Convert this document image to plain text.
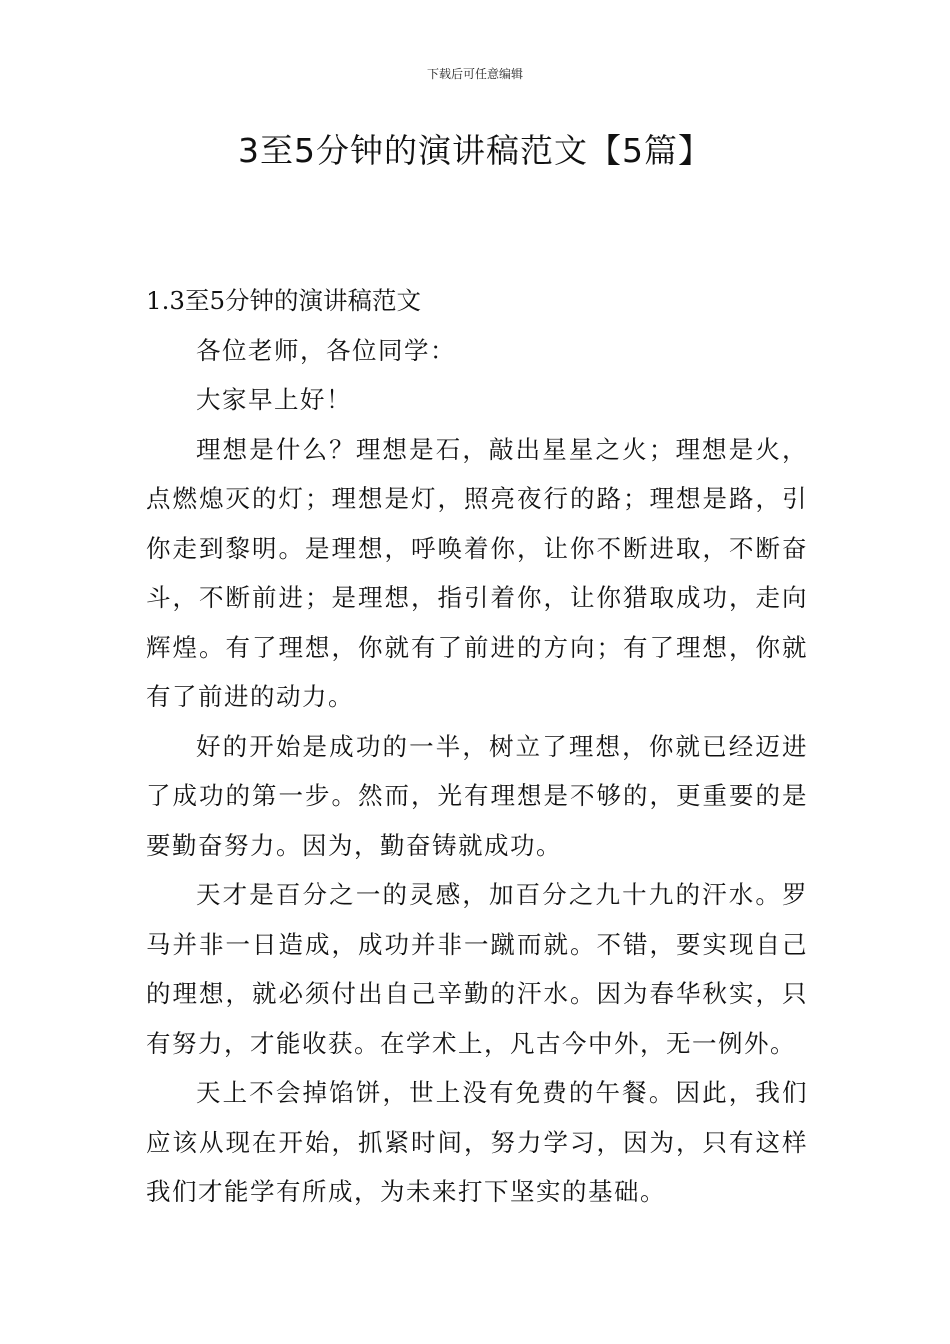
下载后可任意编辑
3至5分钟的演讲稿范文【5篇】
1.3至5分钟的演讲稿范文

各位老师，各位同学：

大家早上好！

理想是什么？理想是石，敲出星星之火；理想是火，点燃熄灭的灯；理想是灯，照亮夜行的路；理想是路，引你走到黎明。是理想，呼唤着你，让你不断进取，不断奋斗，不断前进；是理想，指引着你，让你猎取成功，走向辉煌。有了理想，你就有了前进的方向；有了理想，你就有了前进的动力。

好的开始是成功的一半，树立了理想，你就已经迈进了成功的第一步。然而，光有理想是不够的，更重要的是要勤奋努力。因为，勤奋铸就成功。

天才是百分之一的灵感，加百分之九十九的汗水。罗马并非一日造成，成功并非一蹴而就。不错，要实现自己的理想，就必须付出自己辛勤的汗水。因为春华秋实，只有努力，才能收获。在学术上，凡古今中外，无一例外。

天上不会掉馅饼，世上没有免费的午餐。因此，我们应该从现在开始，抓紧时间，努力学习，因为，只有这样我们才能学有所成，为未来打下坚实的基础。
